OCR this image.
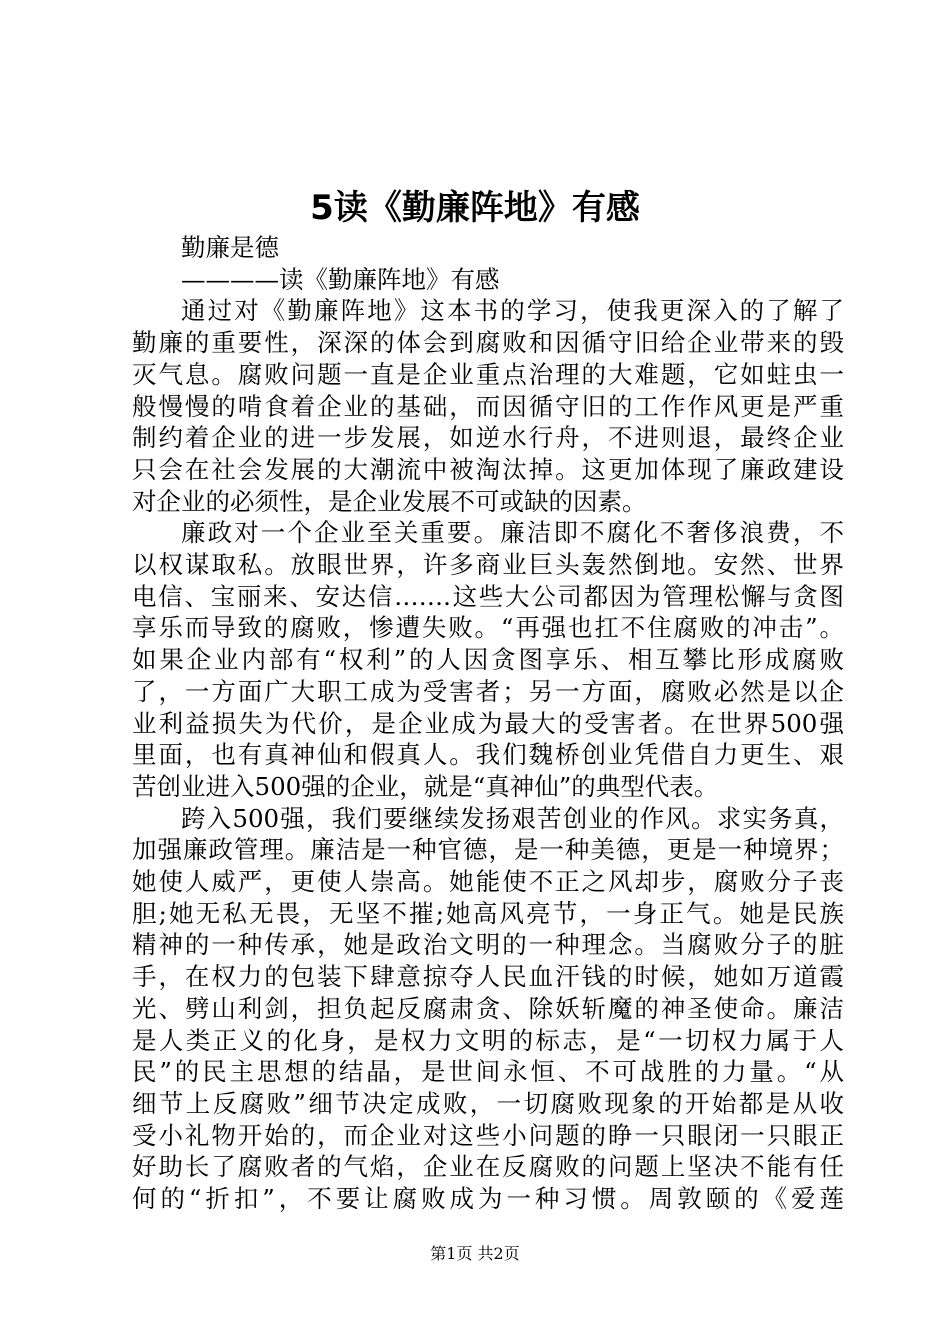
5读《勤廉阵地》有感

勤廉是德

————读《勤廉阵地》有感

通过对《勤廉阵地》这本书的学习，使我更深入的了解了

勤廉的重要性，深深的体会到腐败和因循守旧给企业带来的毁

灭气息。腐败问题一直是企业重点治理的大难题，它如蛀虫一

般慢慢的啃食着企业的基础，而因循守旧的工作作风更是严重

制约着企业的进一步发展，如逆水行舟，不进则退，最终企业

只会在社会发展的大潮流中被淘汰掉。这更加体现了廉政建设

对企业的必须性，是企业发展不可或缺的因素。

廉政对一个企业至关重要。廉洁即不腐化不奢侈浪费，不

以权谋取私。放眼世界，许多商业巨头轰然倒地。安然、世界

电信、宝丽来、安达信…….这些大公司都因为管理松懈与贪图

享乐而导致的腐败，惨遭失败。“再强也扛不住腐败的冲击”。

如果企业内部有“权利”的人因贪图享乐、相互攀比形成腐败

了，一方面广大职工成为受害者；另一方面，腐败必然是以企

业利益损失为代价，是企业成为最大的受害者。在世界500强

里面，也有真神仙和假真人。我们魏桥创业凭借自力更生、艰

苦创业进入500强的企业，就是“真神仙”的典型代表。

跨入500强，我们要继续发扬艰苦创业的作风。求实务真，

加强廉政管理。廉洁是一种官德，是一种美德，更是一种境界；

她使人威严，更使人崇高。她能使不正之风却步，腐败分子丧

胆;她无私无畏，无坚不摧;她高风亮节，一身正气。她是民族

精神的一种传承，她是政治文明的一种理念。当腐败分子的脏

手，在权力的包装下肆意掠夺人民血汗钱的时候，她如万道霞

光、劈山利剑，担负起反腐肃贪、除妖斩魔的神圣使命。廉洁

是人类正义的化身，是权力文明的标志，是“一切权力属于人

民”的民主思想的结晶，是世间永恒、不可战胜的力量。“从

细节上反腐败”细节决定成败，一切腐败现象的开始都是从收

受小礼物开始的，而企业对这些小问题的睁一只眼闭一只眼正

好助长了腐败者的气焰，企业在反腐败的问题上坚决不能有任

何的“折扣”，不要让腐败成为一种习惯。周敦颐的《爱莲

第1页 共2页
